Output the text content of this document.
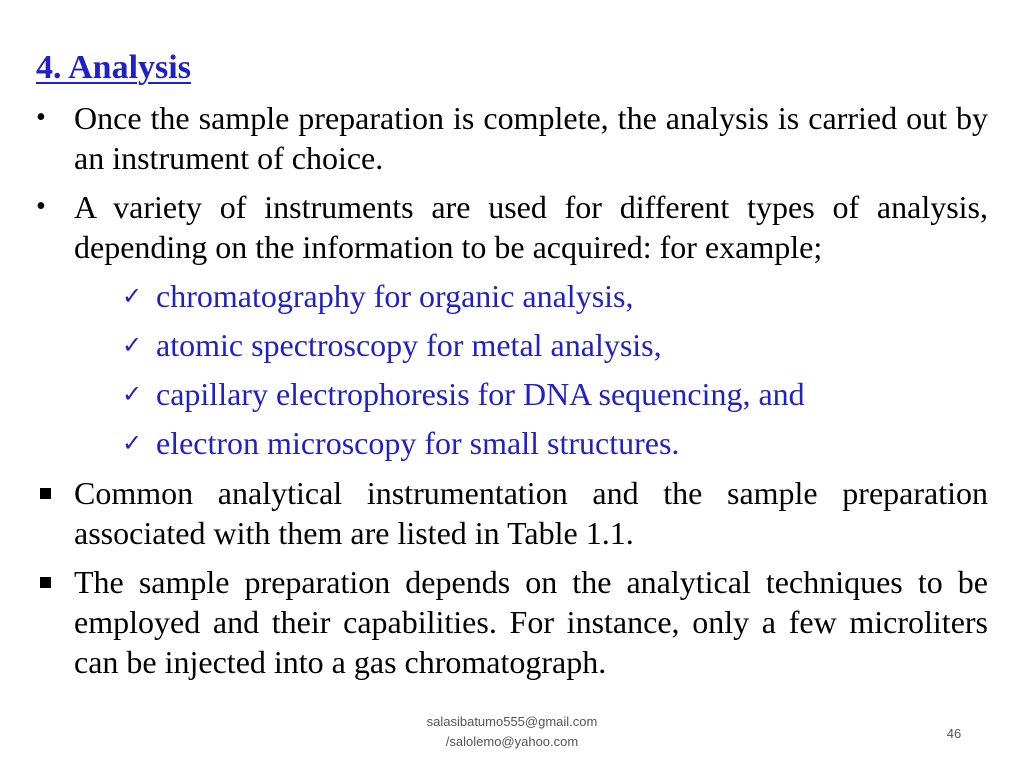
4. Analysis
• Once the sample preparation is complete, the analysis is carried out by an instrument of choice.
• A variety of instruments are used for different types of analysis, depending on the information to be acquired: for example;
✓ chromatography for organic analysis,
✓ atomic spectroscopy for metal analysis,
✓ capillary electrophoresis for DNA sequencing, and
✓ electron microscopy for small structures.
Common analytical instrumentation and the sample preparation associated with them are listed in Table 1.1.
The sample preparation depends on the analytical techniques to be employed and their capabilities. For instance, only a few microliters can be injected into a gas chromatograph.
salasibatumo555@gmail.com
/salolemo@yahoo.com
46
